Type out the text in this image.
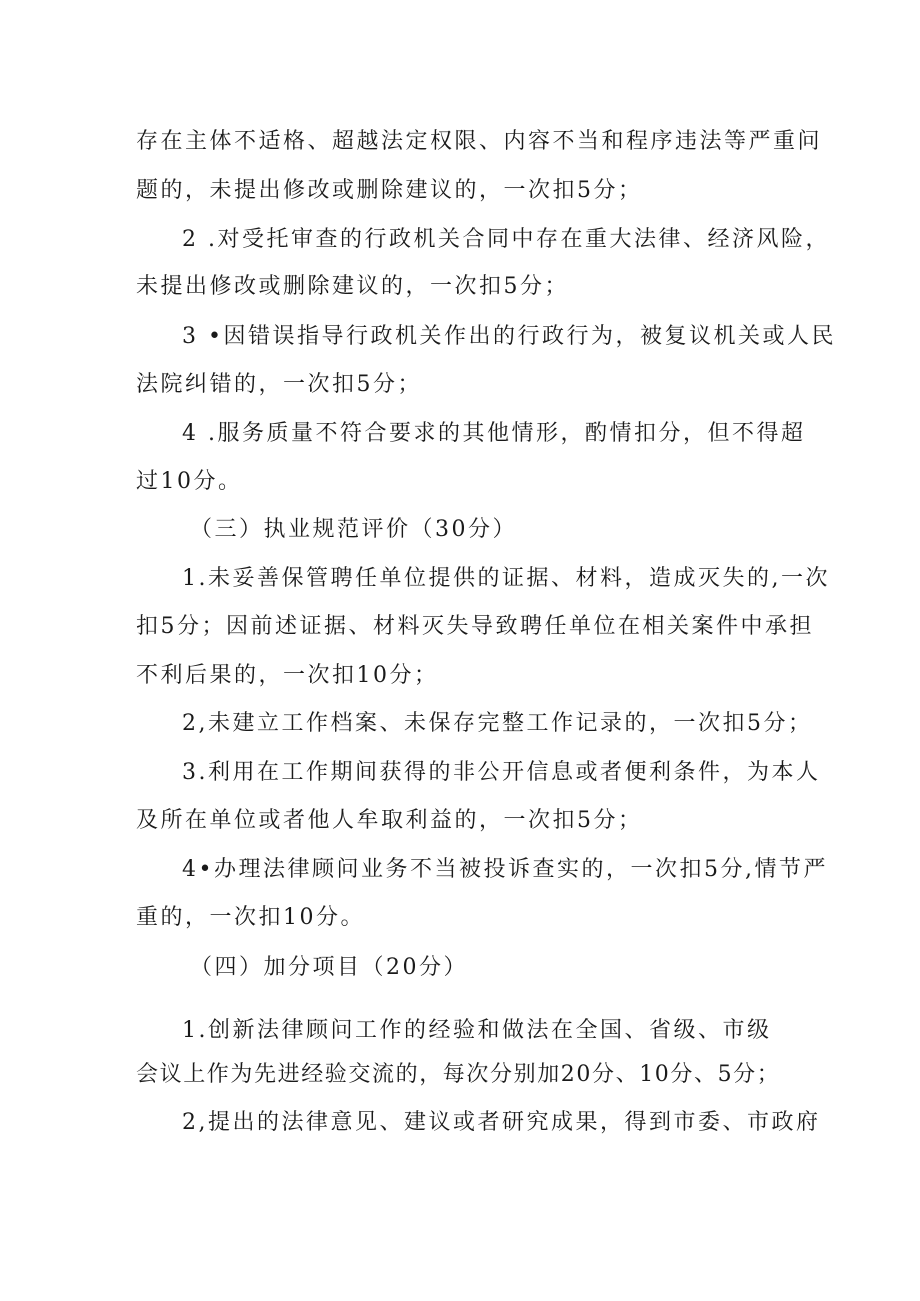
存在主体不适格、超越法定权限、内容不当和程序违法等严重问
题的，未提出修改或删除建议的，一次扣5分；
2 .对受托审查的行政机关合同中存在重大法律、经济风险，
未提出修改或删除建议的，一次扣5分；
3 •因错误指导行政机关作出的行政行为，被复议机关或人民
法院纠错的，一次扣5分；
4 .服务质量不符合要求的其他情形，酌情扣分，但不得超
过10分。
（三）执业规范评价（30分）
1.未妥善保管聘任单位提供的证据、材料，造成灭失的,一次
扣5分；因前述证据、材料灭失导致聘任单位在相关案件中承担
不利后果的，一次扣10分；
2,未建立工作档案、未保存完整工作记录的，一次扣5分；
3.利用在工作期间获得的非公开信息或者便利条件，为本人
及所在单位或者他人牟取利益的，一次扣5分；
4•办理法律顾问业务不当被投诉查实的，一次扣5分,情节严
重的，一次扣10分。
（四）加分项目（20分）
1.创新法律顾问工作的经验和做法在全国、省级、市级
会议上作为先进经验交流的，每次分别加20分、10分、5分；
2,提出的法律意见、建议或者研究成果，得到市委、市政府
